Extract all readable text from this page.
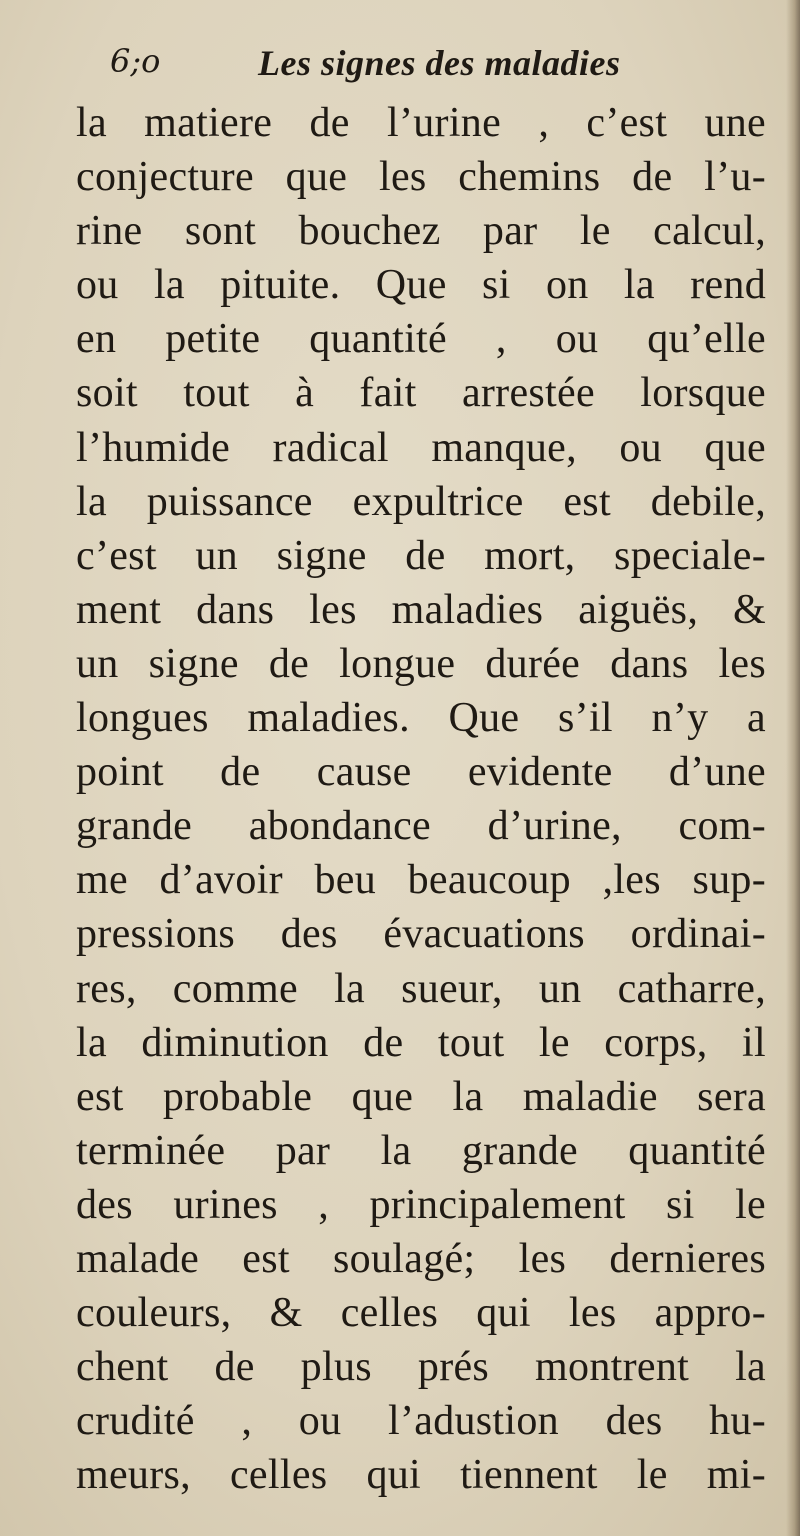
6;o	Les signes des maladies
la matiere de l’urine , c’est une
conjecture que les chemins de l’u-
rine sont bouchez par le calcul,
ou la pituite. Que si on la rend
en petite quantité , ou qu’elle
soit tout à fait arrestée lorsque
l’humide radical manque, ou que
la puissance expultrice est debile,
c’est un signe de mort, speciale-
ment dans les maladies aiguës, &
un signe de longue durée dans les
longues maladies. Que s’il n’y a
point de cause evidente d’une
grande abondance d’urine, com-
me d’avoir beu beaucoup ,les sup-
pressions des évacuations ordinai-
res, comme la sueur, un catharre,
la diminution de tout le corps, il
est probable que la maladie sera
terminée par la grande quantité
des urines , principalement si le
malade est soulagé; les dernieres
couleurs, & celles qui les appro-
chent de plus prés montrent la
crudité , ou l’adustion des hu-
meurs, celles qui tiennent le mi-
